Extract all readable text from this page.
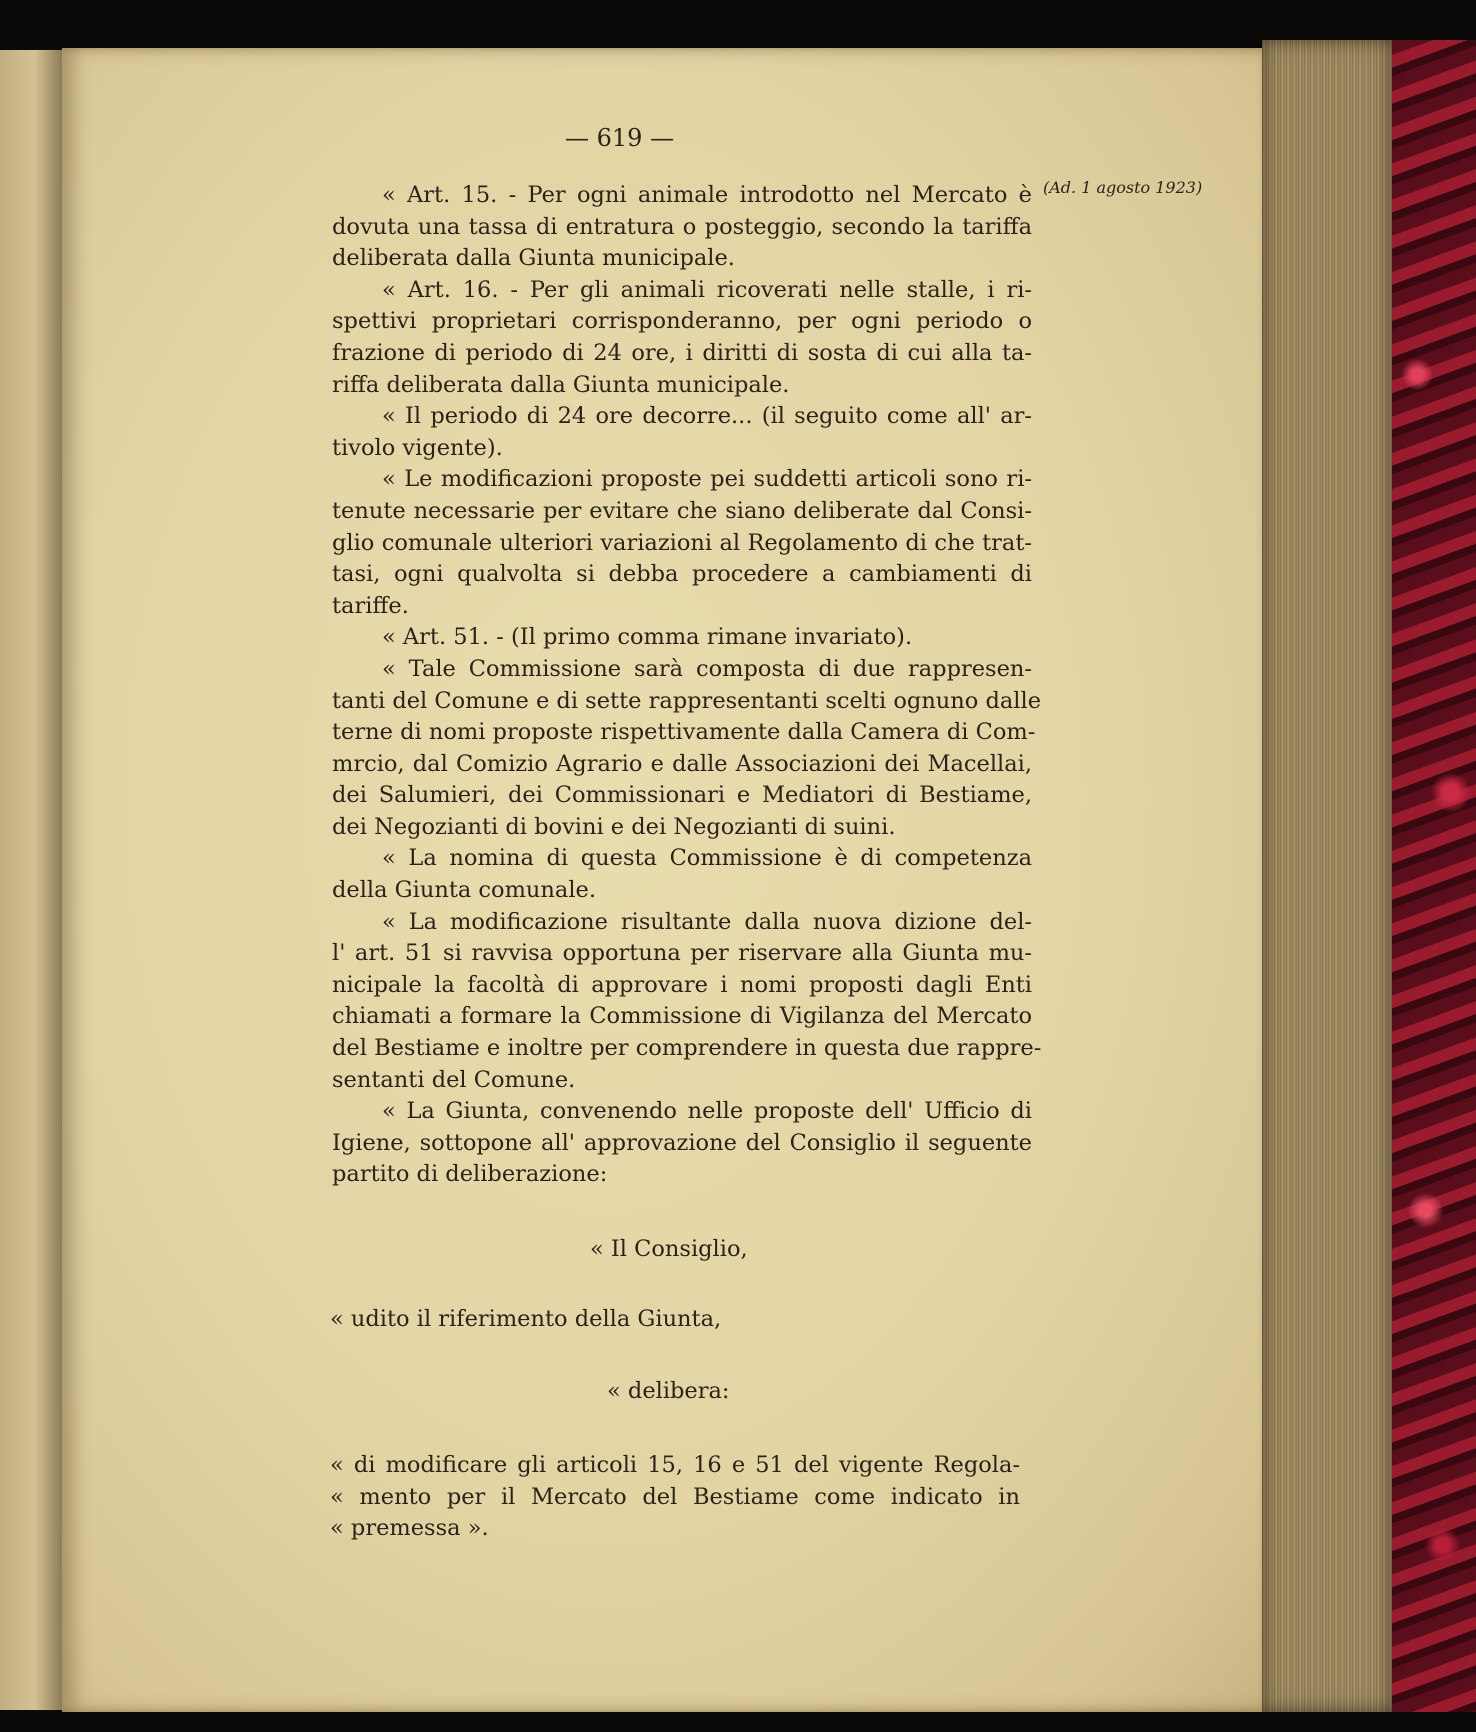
— 619 —
(Ad. 1 agosto 1923)
« Art. 15. - Per ogni animale introdotto nel Mercato è
dovuta una tassa di entratura o posteggio, secondo la tariffa
deliberata dalla Giunta municipale.
« Art. 16. - Per gli animali ricoverati nelle stalle, i ri-
spettivi proprietari corrisponderanno, per ogni periodo o
frazione di periodo di 24 ore, i diritti di sosta di cui alla ta-
riffa deliberata dalla Giunta municipale.
« Il periodo di 24 ore decorre... (il seguito come all' ar-
tivolo vigente).
« Le modificazioni proposte pei suddetti articoli sono ri-
tenute necessarie per evitare che siano deliberate dal Consi-
glio comunale ulteriori variazioni al Regolamento di che trat-
tasi, ogni qualvolta si debba procedere a cambiamenti di
tariffe.
« Art. 51. - (Il primo comma rimane invariato).
« Tale Commissione sarà composta di due rappresen-
tanti del Comune e di sette rappresentanti scelti ognuno dalle
terne di nomi proposte rispettivamente dalla Camera di Com-
mrcio, dal Comizio Agrario e dalle Associazioni dei Macellai,
dei Salumieri, dei Commissionari e Mediatori di Bestiame,
dei Negozianti di bovini e dei Negozianti di suini.
« La nomina di questa Commissione è di competenza
della Giunta comunale.
« La modificazione risultante dalla nuova dizione del-
l' art. 51 si ravvisa opportuna per riservare alla Giunta mu-
nicipale la facoltà di approvare i nomi proposti dagli Enti
chiamati a formare la Commissione di Vigilanza del Mercato
del Bestiame e inoltre per comprendere in questa due rappre-
sentanti del Comune.
« La Giunta, convenendo nelle proposte dell' Ufficio di
Igiene, sottopone all' approvazione del Consiglio il seguente
partito di deliberazione:
« Il Consiglio,
« udito il riferimento della Giunta,
« delibera:
« di modificare gli articoli 15, 16 e 51 del vigente Regola-
« mento per il Mercato del Bestiame come indicato in
« premessa ».
